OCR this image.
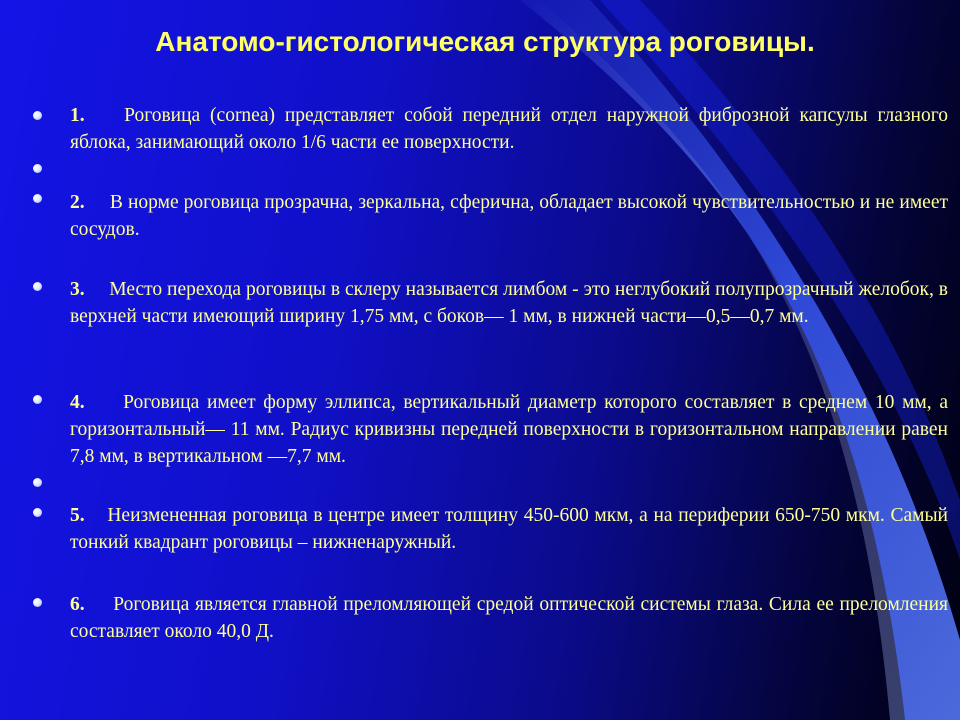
Анатомо-гистологическая структура роговицы.
1. Роговица (cornea) представляет собой передний отдел наружной фиброзной капсулы глазного яблока, занимающий около 1/6 части ее поверхности.
2. В норме роговица прозрачна, зеркальна, сферична, обладает высокой чувствительностью и не имеет сосудов.
3. Место перехода роговицы в склеру называется лимбом - это неглубокий полупрозрачный желобок, в верхней части имеющий ширину 1,75 мм, с боков— 1 мм, в нижней части—0,5—0,7 мм.
4. Роговица имеет форму эллипса, вертикальный диаметр которого составляет в среднем 10 мм, а горизонтальный— 11 мм. Радиус кривизны передней поверхности в горизонтальном направлении равен 7,8 мм, в вертикальном —7,7 мм.
5. Неизмененная роговица в центре имеет толщину 450-600 мкм, а на периферии 650-750 мкм. Самый тонкий квадрант роговицы – нижненаружный.
6. Роговица является главной преломляющей средой оптической системы глаза. Сила ее преломления составляет около 40,0 Д.
